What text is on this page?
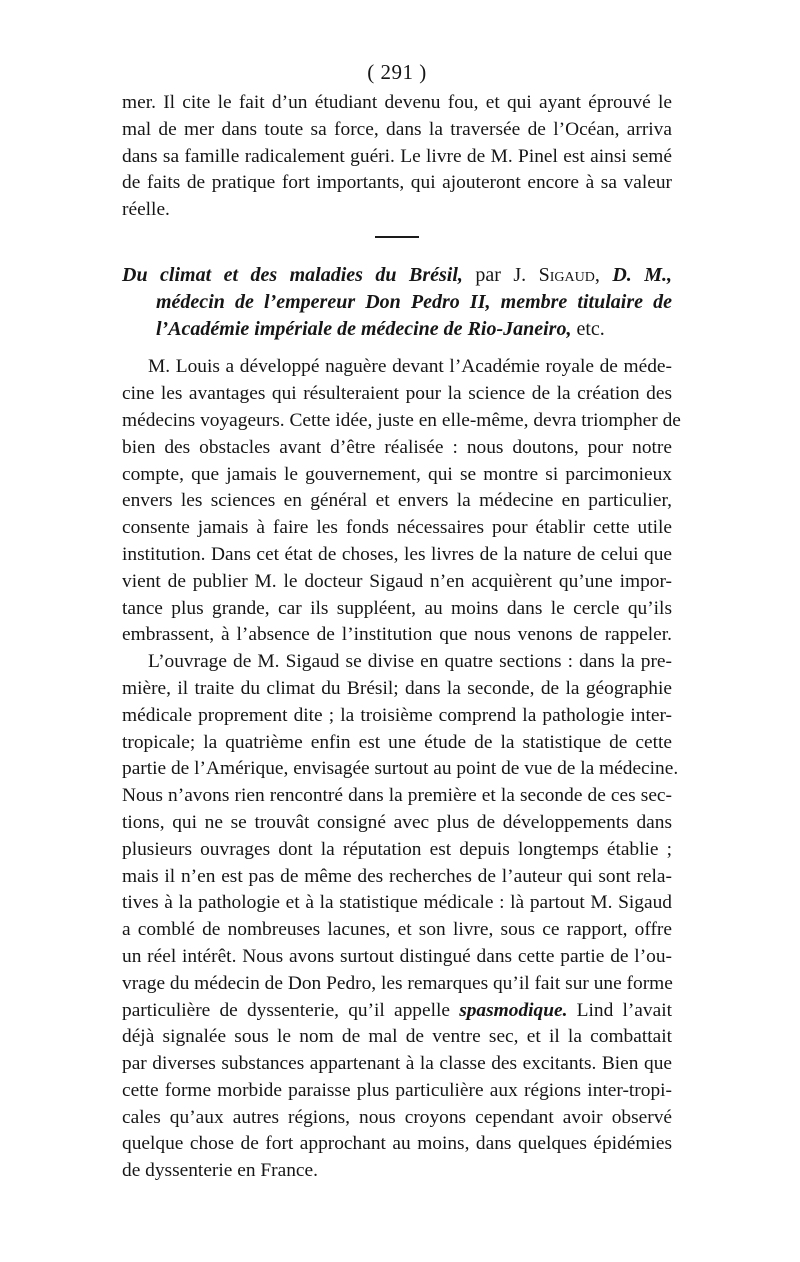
( 291 )
mer. Il cite le fait d’un étudiant devenu fou, et qui ayant éprouvé le
mal de mer dans toute sa force, dans la traversée de l’Océan, arriva
dans sa famille radicalement guéri. Le livre de M. Pinel est ainsi semé
de faits de pratique fort importants, qui ajouteront encore à sa valeur
réelle.
Du climat et des maladies du Brésil, par J. Sigaud, D. M.,
médecin de l’empereur Don Pedro II, membre titulaire de
l’Académie impériale de médecine de Rio-Janeiro, etc.
M. Louis a développé naguère devant l’Académie royale de méde-
cine les avantages qui résulteraient pour la science de la création des
médecins voyageurs. Cette idée, juste en elle-même, devra triompher de
bien des obstacles avant d’être réalisée : nous doutons, pour notre
compte, que jamais le gouvernement, qui se montre si parcimonieux
envers les sciences en général et envers la médecine en particulier,
consente jamais à faire les fonds nécessaires pour établir cette utile
institution. Dans cet état de choses, les livres de la nature de celui que
vient de publier M. le docteur Sigaud n’en acquièrent qu’une impor-
tance plus grande, car ils suppléent, au moins dans le cercle qu’ils
embrassent, à l’absence de l’institution que nous venons de rappeler.
L’ouvrage de M. Sigaud se divise en quatre sections : dans la pre-
mière, il traite du climat du Brésil; dans la seconde, de la géographie
médicale proprement dite ; la troisième comprend la pathologie inter-
tropicale; la quatrième enfin est une étude de la statistique de cette
partie de l’Amérique, envisagée surtout au point de vue de la médecine.
Nous n’avons rien rencontré dans la première et la seconde de ces sec-
tions, qui ne se trouvât consigné avec plus de développements dans
plusieurs ouvrages dont la réputation est depuis longtemps établie ;
mais il n’en est pas de même des recherches de l’auteur qui sont rela-
tives à la pathologie et à la statistique médicale : là partout M. Sigaud
a comblé de nombreuses lacunes, et son livre, sous ce rapport, offre
un réel intérêt. Nous avons surtout distingué dans cette partie de l’ou-
vrage du médecin de Don Pedro, les remarques qu’il fait sur une forme
particulière de dyssenterie, qu’il appelle spasmodique. Lind l’avait
déjà signalée sous le nom de mal de ventre sec, et il la combattait
par diverses substances appartenant à la classe des excitants. Bien que
cette forme morbide paraisse plus particulière aux régions inter-tropi-
cales qu’aux autres régions, nous croyons cependant avoir observé
quelque chose de fort approchant au moins, dans quelques épidémies
de dyssenterie en France.
